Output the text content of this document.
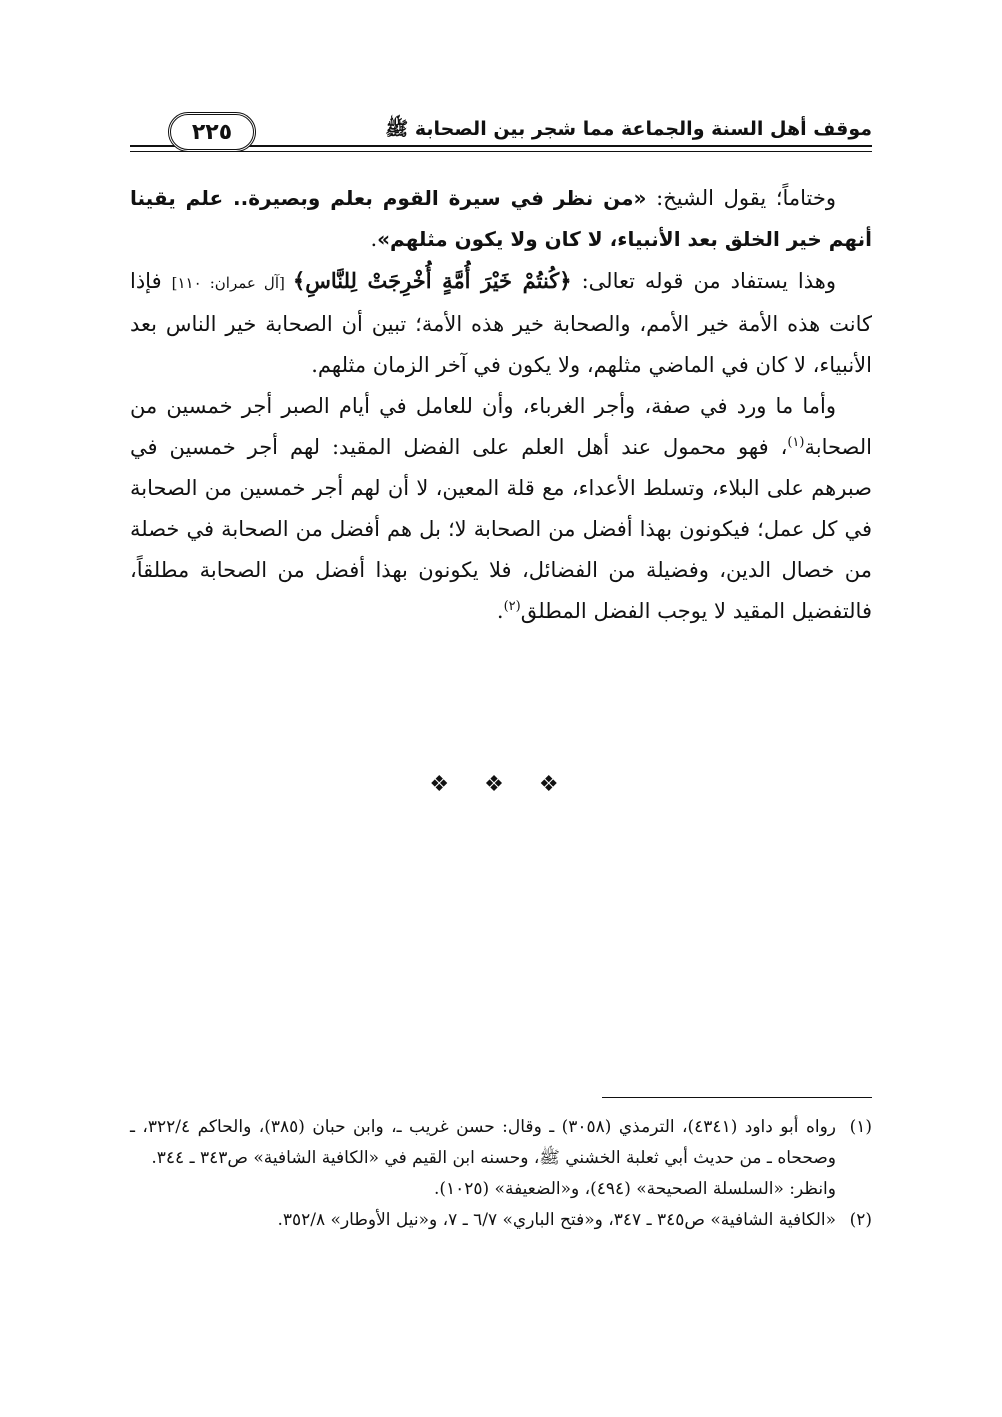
موقف أهل السنة والجماعة مما شجر بين الصحابة ﷺ
٢٢٥

وختاماً؛ يقول الشيخ: «من نظر في سيرة القوم بعلم وبصيرة.. علم يقينا أنهم خير الخلق بعد الأنبياء، لا كان ولا يكون مثلهم».

وهذا يستفاد من قوله تعالى: ﴿كُنتُمْ خَيْرَ أُمَّةٍ أُخْرِجَتْ لِلنَّاسِ﴾ [آل عمران: ١١٠] فإذا كانت هذه الأمة خير الأمم، والصحابة خير هذه الأمة؛ تبين أن الصحابة خير الناس بعد الأنبياء، لا كان في الماضي مثلهم، ولا يكون في آخر الزمان مثلهم.

وأما ما ورد في صفة، وأجر الغرباء، وأن للعامل في أيام الصبر أجر خمسين من الصحابة$^{(١)}$، فهو محمول عند أهل العلم على الفضل المقيد: لهم أجر خمسين في صبرهم على البلاء، وتسلط الأعداء، مع قلة المعين، لا أن لهم أجر خمسين من الصحابة في كل عمل؛ فيكونون بهذا أفضل من الصحابة لا؛ بل هم أفضل من الصحابة في خصلة من خصال الدين، وفضيلة من الفضائل، فلا يكونون بهذا أفضل من الصحابة مطلقاً، فالتفضيل المقيد لا يوجب الفضل المطلق$^{(٢)}$.

❖ ❖ ❖
(١)
رواه أبو داود (٤٣٤١)، الترمذي (٣٠٥٨) ـ وقال: حسن غريب ـ، وابن حبان (٣٨٥)، والحاكم ٣٢٢/٤، ـ وصححاه ـ من حديث أبي ثعلبة الخشني ﷺ، وحسنه ابن القيم في «الكافية الشافية» ص٣٤٣ ـ ٣٤٤.
وانظر: «السلسلة الصحيحة» (٤٩٤)، و«الضعيفة» (١٠٢٥).
(٢)
«الكافية الشافية» ص٣٤٥ ـ ٣٤٧، و«فتح الباري» ٦/٧ ـ ٧، و«نيل الأوطار» ٣٥٢/٨.
